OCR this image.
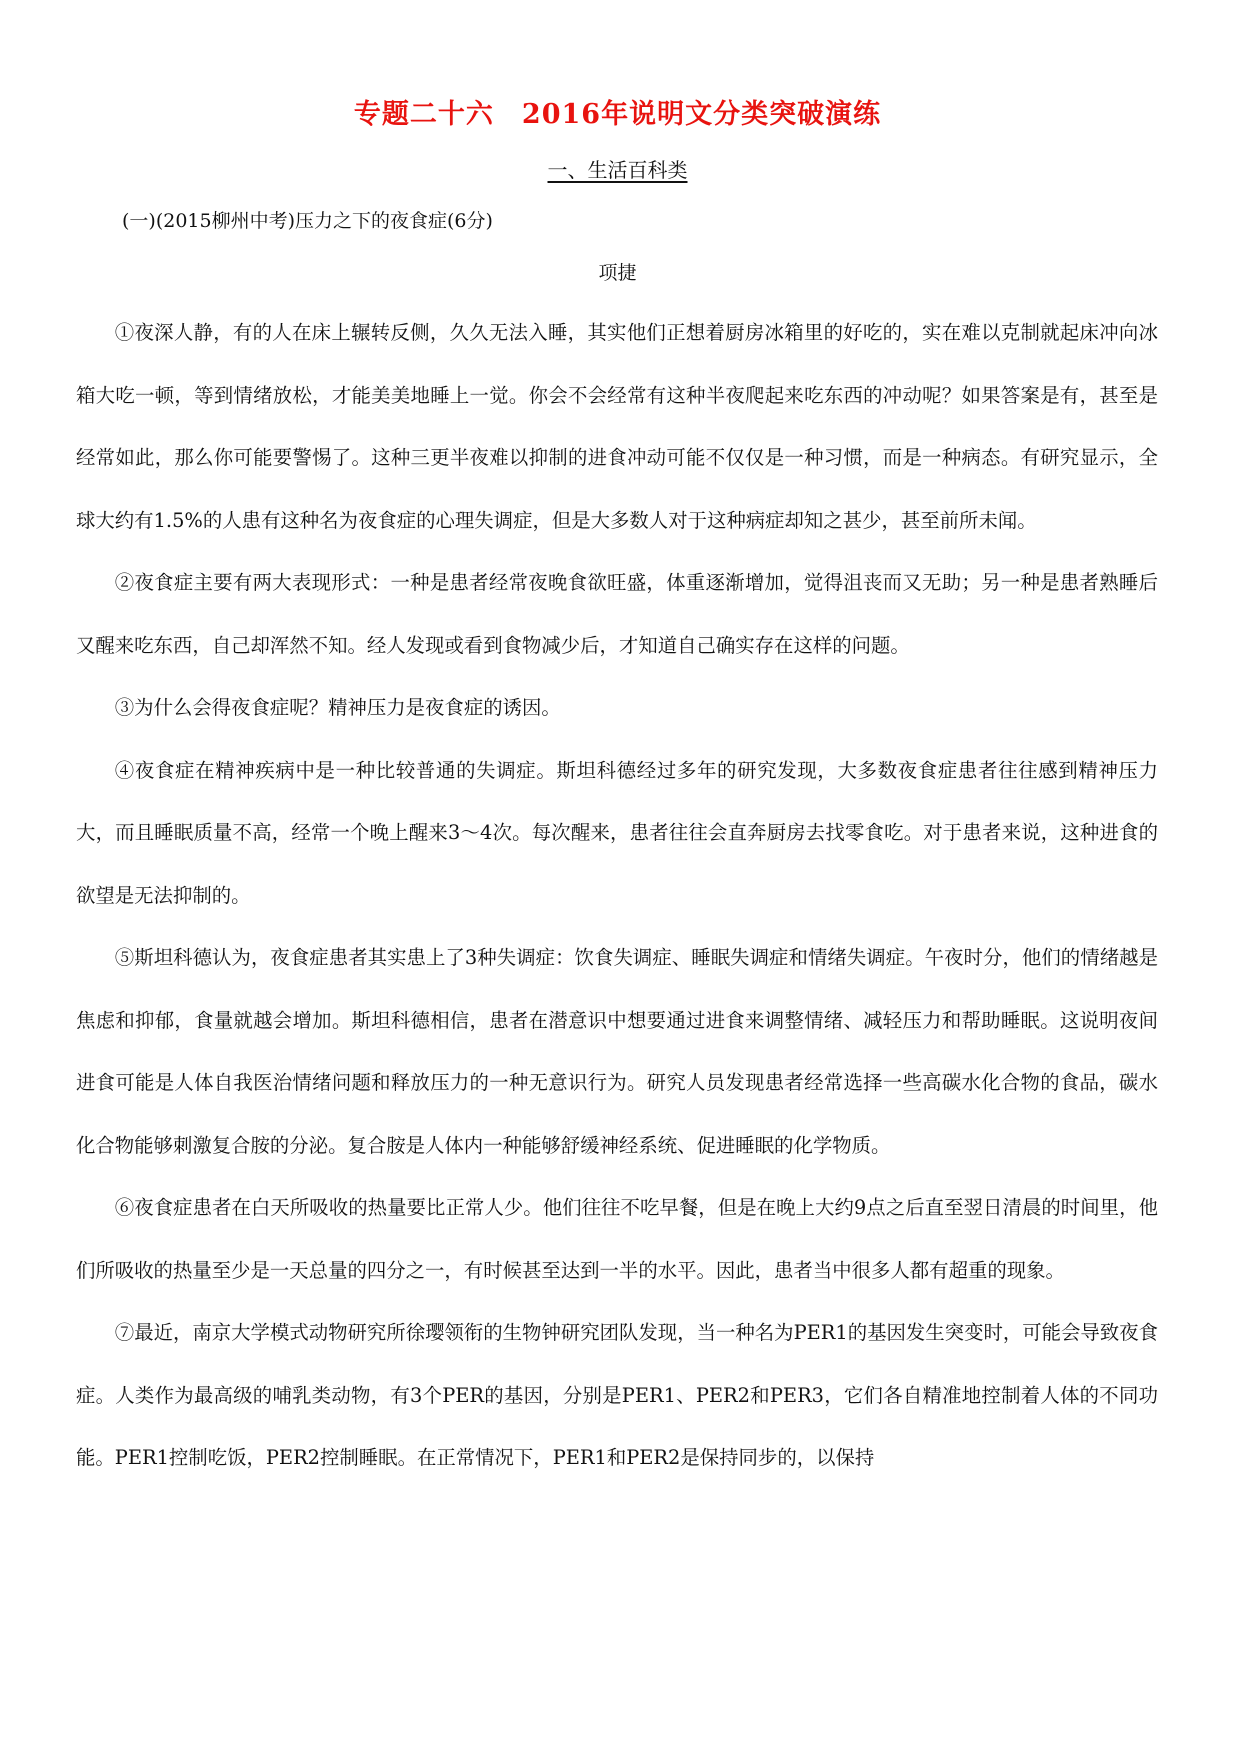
专题二十六　2016年说明文分类突破演练
一、生活百科类
(一)(2015柳州中考)压力之下的夜食症(6分)
项捷

①夜深人静，有的人在床上辗转反侧，久久无法入睡，其实他们正想着厨房冰箱里的好吃的，实在难以克制就起床冲向冰箱大吃一顿，等到情绪放松，才能美美地睡上一觉。你会不会经常有这种半夜爬起来吃东西的冲动呢？如果答案是有，甚至是经常如此，那么你可能要警惕了。这种三更半夜难以抑制的进食冲动可能不仅仅是一种习惯，而是一种病态。有研究显示，全球大约有1.5%的人患有这种名为夜食症的心理失调症，但是大多数人对于这种病症却知之甚少，甚至前所未闻。

②夜食症主要有两大表现形式：一种是患者经常夜晚食欲旺盛，体重逐渐增加，觉得沮丧而又无助；另一种是患者熟睡后又醒来吃东西，自己却浑然不知。经人发现或看到食物减少后，才知道自己确实存在这样的问题。

③为什么会得夜食症呢？精神压力是夜食症的诱因。

④夜食症在精神疾病中是一种比较普通的失调症。斯坦科德经过多年的研究发现，大多数夜食症患者往往感到精神压力大，而且睡眠质量不高，经常一个晚上醒来3～4次。每次醒来，患者往往会直奔厨房去找零食吃。对于患者来说，这种进食的欲望是无法抑制的。

⑤斯坦科德认为，夜食症患者其实患上了3种失调症：饮食失调症、睡眠失调症和情绪失调症。午夜时分，他们的情绪越是焦虑和抑郁，食量就越会增加。斯坦科德相信，患者在潜意识中想要通过进食来调整情绪、减轻压力和帮助睡眠。这说明夜间进食可能是人体自我医治情绪问题和释放压力的一种无意识行为。研究人员发现患者经常选择一些高碳水化合物的食品，碳水化合物能够刺激复合胺的分泌。复合胺是人体内一种能够舒缓神经系统、促进睡眠的化学物质。

⑥夜食症患者在白天所吸收的热量要比正常人少。他们往往不吃早餐，但是在晚上大约9点之后直至翌日清晨的时间里，他们所吸收的热量至少是一天总量的四分之一，有时候甚至达到一半的水平。因此，患者当中很多人都有超重的现象。

⑦最近，南京大学模式动物研究所徐璎领衔的生物钟研究团队发现，当一种名为PER1的基因发生突变时，可能会导致夜食症。人类作为最高级的哺乳类动物，有3个PER的基因，分别是PER1、PER2和PER3，它们各自精准地控制着人体的不同功能。PER1控制吃饭，PER2控制睡眠。在正常情况下，PER1和PER2是保持同步的，以保持
